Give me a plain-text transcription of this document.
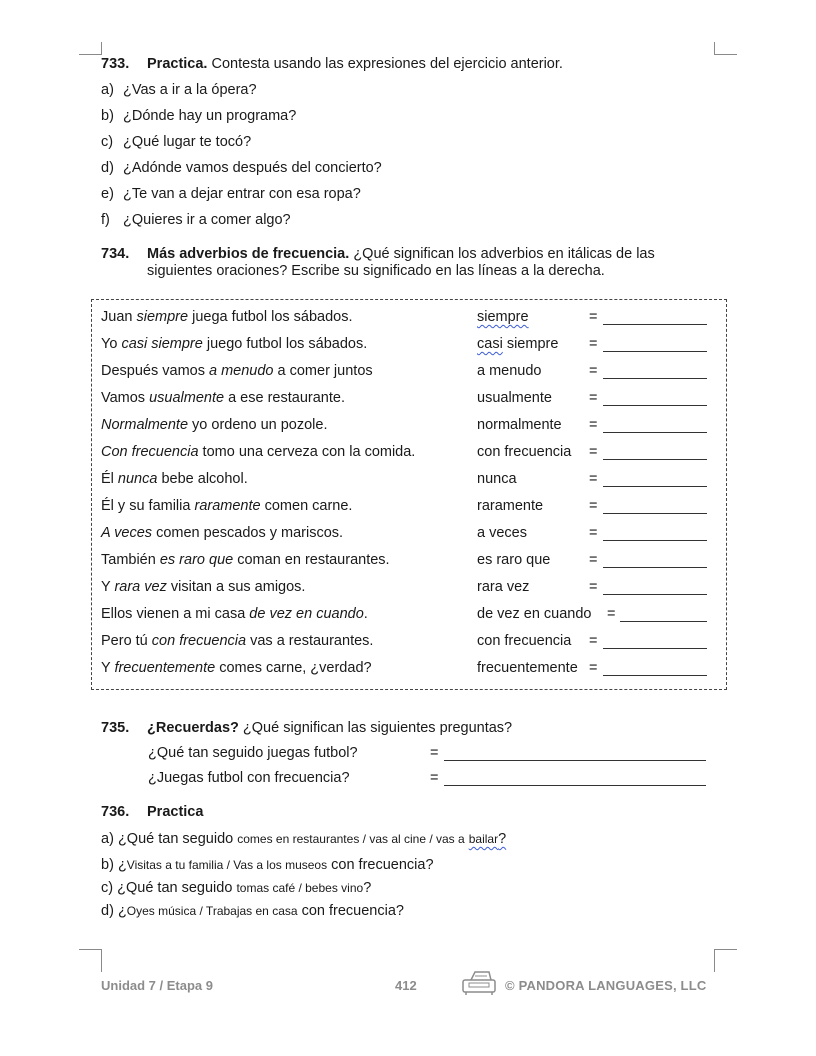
733. Practica. Contesta usando las expresiones del ejercicio anterior.
a) ¿Vas a ir a la ópera?
b) ¿Dónde hay un programa?
c) ¿Qué lugar te tocó?
d) ¿Adónde vamos después del concierto?
e) ¿Te van a dejar entrar con esa ropa?
f) ¿Quieres ir a comer algo?
734. Más adverbios de frecuencia. ¿Qué significan los adverbios en itálicas de las
siguientes oraciones? Escribe su significado en las líneas a la derecha.
Juan siempre juega futbol los sábados.	siempre	=
Yo casi siempre juego futbol los sábados.	casi siempre =
Después vamos a menudo a comer juntos	a menudo	=
Vamos usualmente a ese restaurante.	usualmente	=
Normalmente yo ordeno un pozole.	normalmente =
Con frecuencia tomo una cerveza con la comida.	con frecuencia =
Él nunca bebe alcohol.	nunca	=
Él y su familia raramente comen carne.	raramente	=
A veces comen pescados y mariscos.	a veces	=
También es raro que coman en restaurantes.	es raro que	=
Y rara vez visitan a sus amigos.	rara vez	=
Ellos vienen a mi casa de vez en cuando.	de vez en cuando =
Pero tú con frecuencia vas a restaurantes.	con frecuencia =
Y frecuentemente comes carne, ¿verdad?	frecuentemente =
735. ¿Recuerdas? ¿Qué significan las siguientes preguntas?
¿Qué tan seguido juegas futbol?	=
¿Juegas futbol con frecuencia?	=
736. Practica
a) ¿Qué tan seguido comes en restaurantes / vas al cine / vas a bailar?
b) ¿Visitas a tu familia / Vas a los museos con frecuencia?
c) ¿Qué tan seguido tomas café / bebes vino?
d) ¿Oyes música / Trabajas en casa con frecuencia?
Unidad 7 / Etapa 9	412	© PANDORA LANGUAGES, LLC
